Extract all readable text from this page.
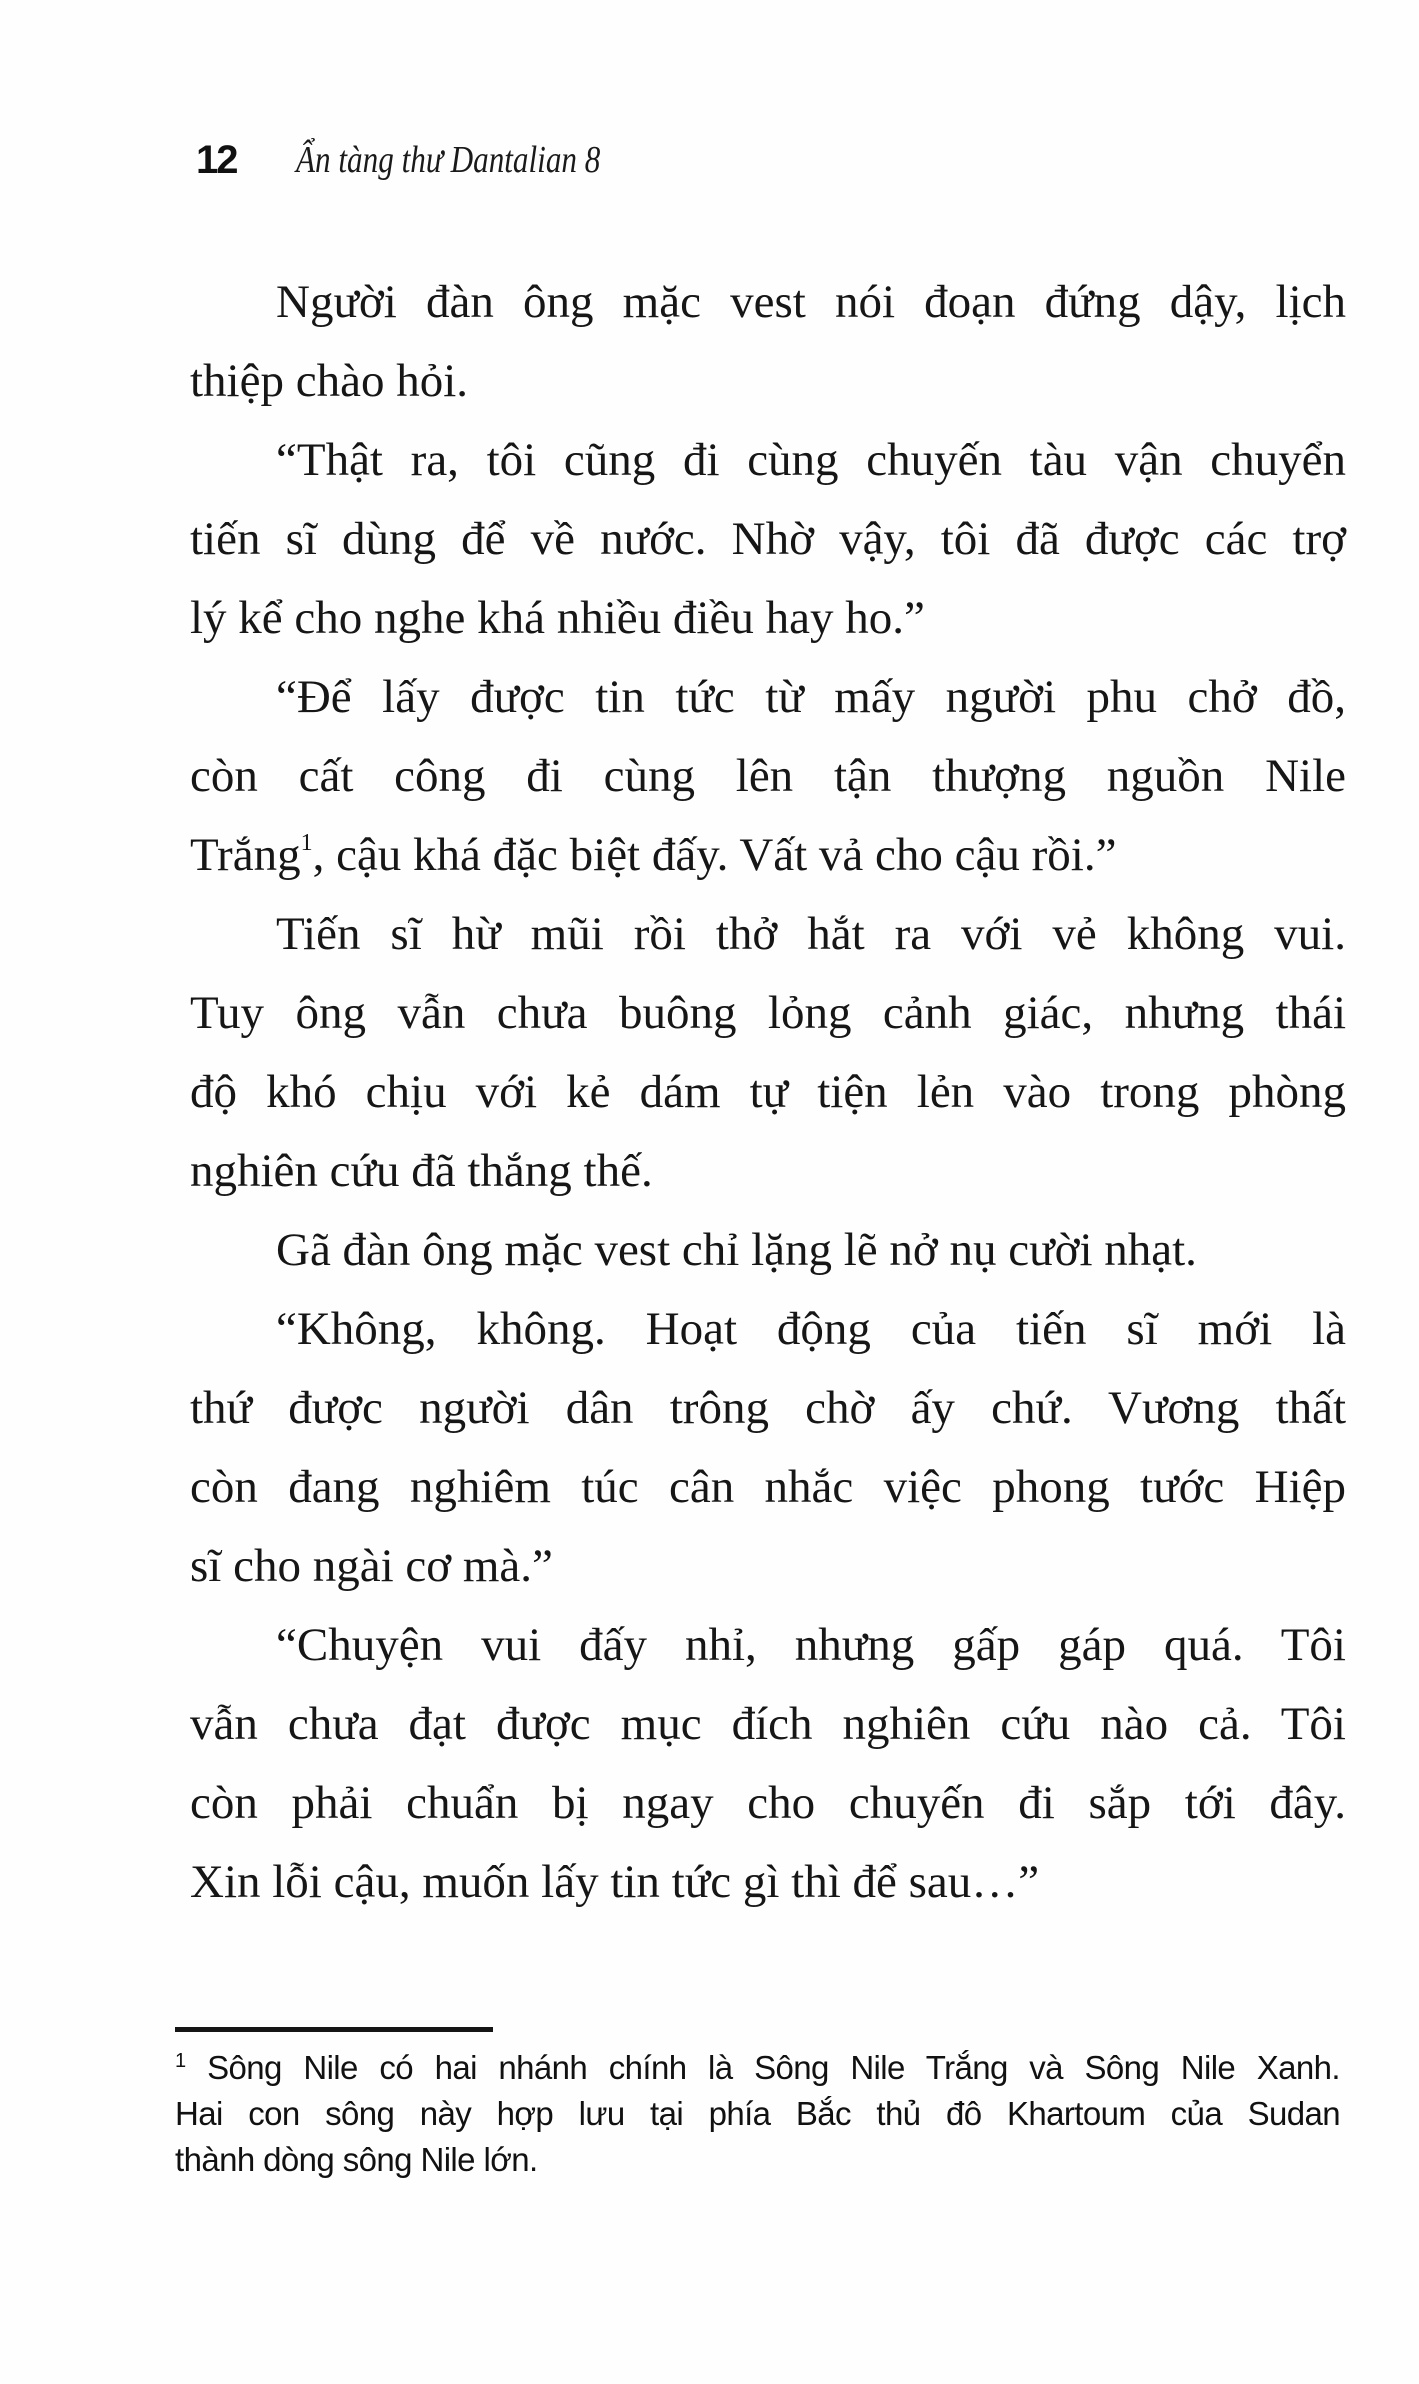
12 Ẩn tàng thư Dantalian 8
Người đàn ông mặc vest nói đoạn đứng dậy, lịch
thiệp chào hỏi.
“Thật ra, tôi cũng đi cùng chuyến tàu vận chuyển
tiến sĩ dùng để về nước. Nhờ vậy, tôi đã được các trợ
lý kể cho nghe khá nhiều điều hay ho.”
“Để lấy được tin tức từ mấy người phu chở đồ,
còn cất công đi cùng lên tận thượng nguồn Nile
Trắng$^1$, cậu khá đặc biệt đấy. Vất vả cho cậu rồi.”
Tiến sĩ hừ mũi rồi thở hắt ra với vẻ không vui.
Tuy ông vẫn chưa buông lỏng cảnh giác, nhưng thái
độ khó chịu với kẻ dám tự tiện lẻn vào trong phòng
nghiên cứu đã thắng thế.
Gã đàn ông mặc vest chỉ lặng lẽ nở nụ cười nhạt.
“Không, không. Hoạt động của tiến sĩ mới là
thứ được người dân trông chờ ấy chứ. Vương thất
còn đang nghiêm túc cân nhắc việc phong tước Hiệp
sĩ cho ngài cơ mà.”
“Chuyện vui đấy nhỉ, nhưng gấp gáp quá. Tôi
vẫn chưa đạt được mục đích nghiên cứu nào cả. Tôi
còn phải chuẩn bị ngay cho chuyến đi sắp tới đây.
Xin lỗi cậu, muốn lấy tin tức gì thì để sau…”
$^1$ Sông Nile có hai nhánh chính là Sông Nile Trắng và Sông Nile Xanh.
Hai con sông này hợp lưu tại phía Bắc thủ đô Khartoum của Sudan
thành dòng sông Nile lớn.
